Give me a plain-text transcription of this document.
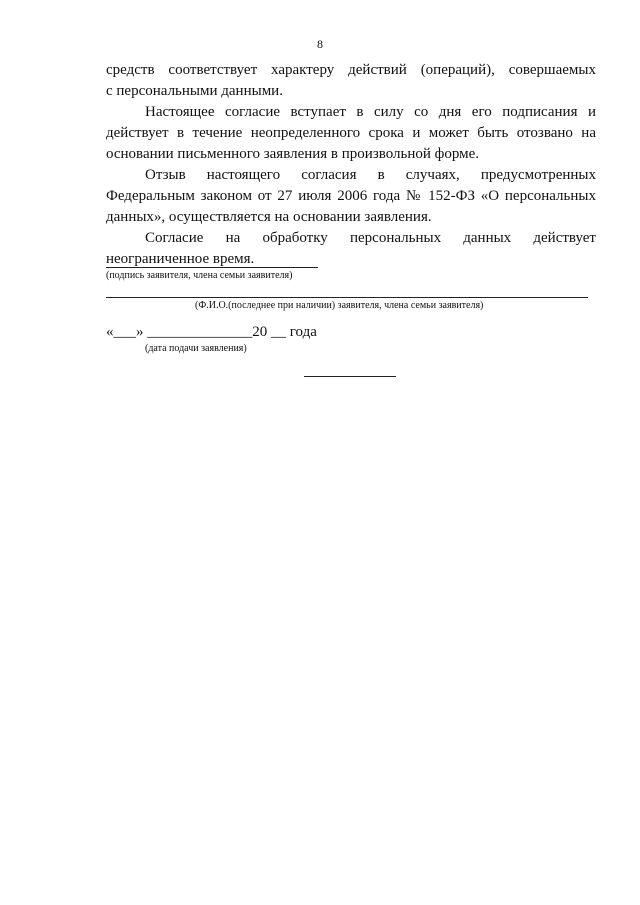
8

средств соответствует характеру действий (операций), совершаемых
с персональными данными.

Настоящее согласие вступает в силу со дня его подписания и
действует в течение неопределенного срока и может быть отозвано на
основании письменного заявления в произвольной форме.

Отзыв настоящего согласия в случаях, предусмотренных
Федеральным законом от 27 июля 2006 года № 152-ФЗ «О персональных
данных», осуществляется на основании заявления.

Согласие на обработку персональных данных действует
неограниченное время.

(подпись заявителя, члена семьи заявителя)
(Ф.И.О.(последнее при наличии) заявителя, члена семьи заявителя)
«___» ______________20 __ года
(дата подачи заявления)
